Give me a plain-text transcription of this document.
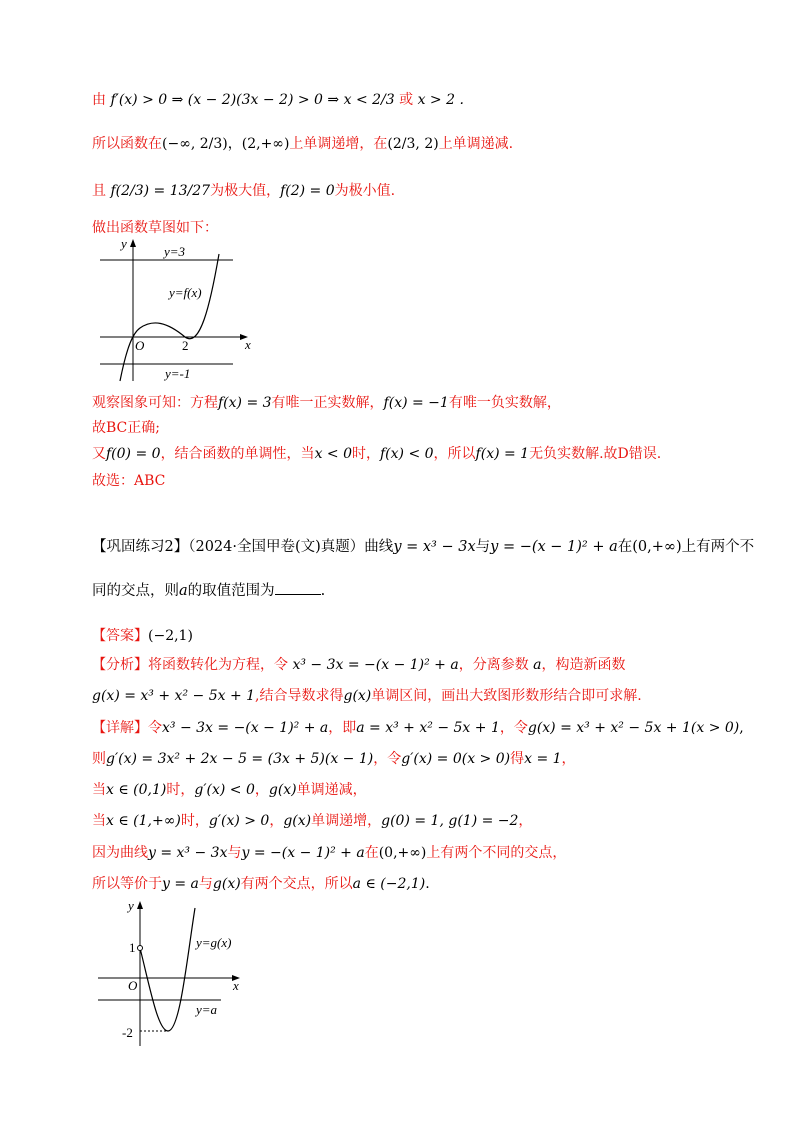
由 f′(x) > 0 ⇒ (x − 2)(3x − 2) > 0 ⇒ x < 2/3 或 x > 2 .
所以函数在(−∞, 2/3)，(2,+∞)上单调递增，在(2/3, 2)上单调递减.
且 f(2/3) = 13/27为极大值，f(2) = 0为极小值.
做出函数草图如下：
y
x
O	2
y=3
y=f(x)
y=-1
观察图象可知：方程f(x) = 3有唯一正实数解，f(x) = −1有唯一负实数解，
故BC正确;
又f(0) = 0，结合函数的单调性，当x < 0时，f(x) < 0，所以f(x) = 1无负实数解.故D错误.
故选：ABC
【巩固练习2】（2024·全国甲卷(文)真题）曲线y = x³ − 3x与y = −(x − 1)² + a在(0,+∞)上有两个不
同的交点，则a的取值范围为	.
【答案】(−2,1)
【分析】将函数转化为方程，令 x³ − 3x = −(x − 1)² + a，分离参数 a，构造新函数
g(x) = x³ + x² − 5x + 1,结合导数求得g(x)单调区间，画出大致图形数形结合即可求解.
【详解】令x³ − 3x = −(x − 1)² + a，即a = x³ + x² − 5x + 1，令g(x) = x³ + x² − 5x + 1(x > 0),
则g′(x) = 3x² + 2x − 5 = (3x + 5)(x − 1)，令g′(x) = 0(x > 0)得x = 1，
当x ∈ (0,1)时，g′(x) < 0，g(x)单调递减，
当x ∈ (1,+∞)时，g′(x) > 0，g(x)单调递增，g(0) = 1, g(1) = −2，
因为曲线y = x³ − 3x与y = −(x − 1)² + a在(0,+∞)上有两个不同的交点，
所以等价于y = a与g(x)有两个交点，所以a ∈ (−2,1).
y
x
O
1
-2
y=g(x)
y=a
